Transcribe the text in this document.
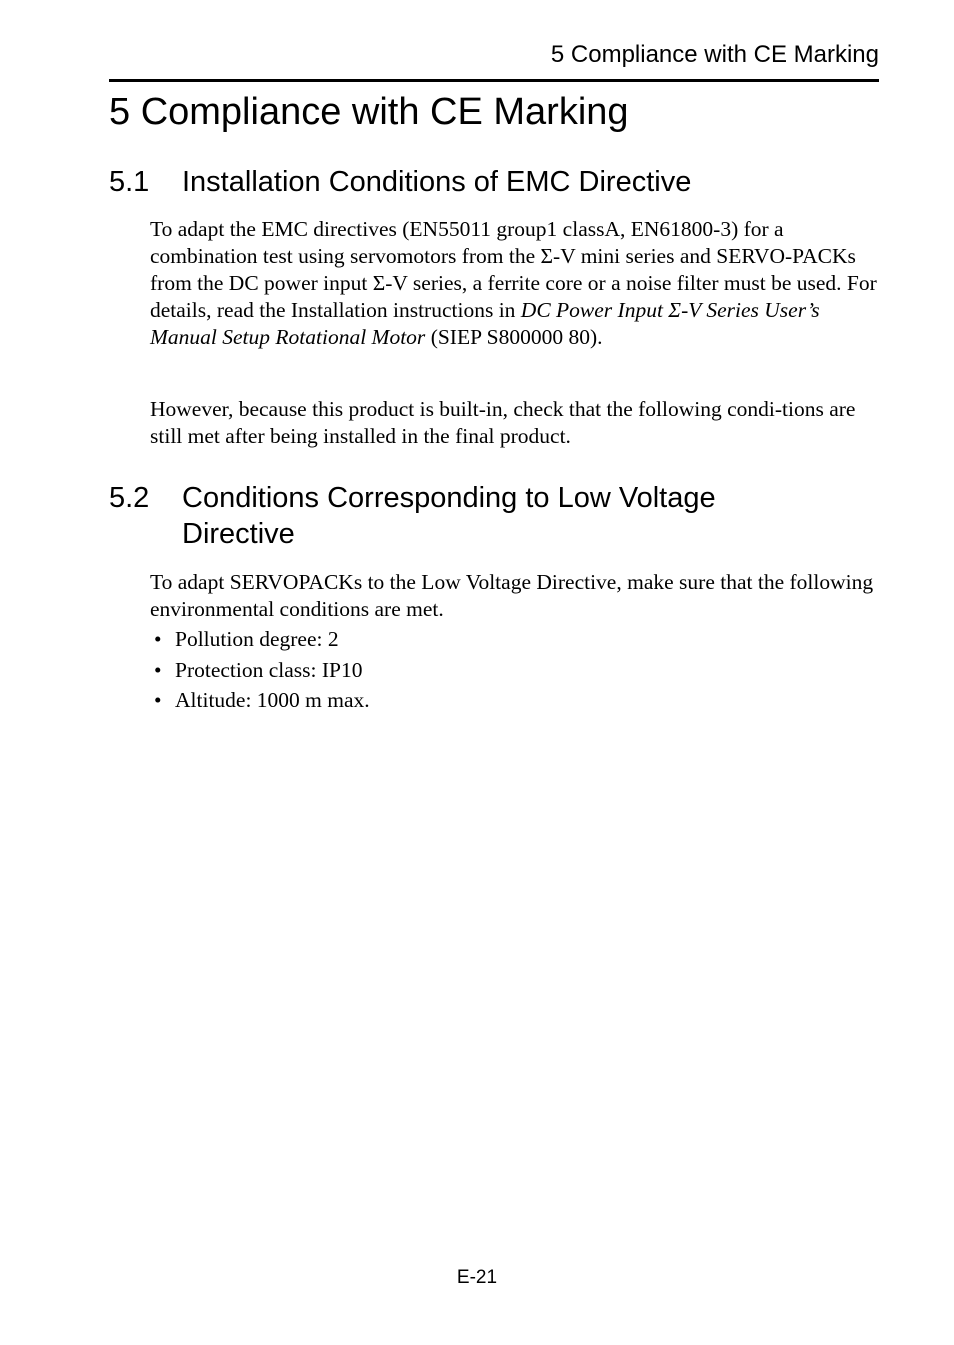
5 Compliance with CE Marking
5 Compliance with CE Marking
5.1 Installation Conditions of EMC Directive

To adapt the EMC directives (EN55011 group1 classA, EN61800-3) for a combination test using servomotors from the Σ-V mini series and SERVO-PACKs from the DC power input Σ-V series, a ferrite core or a noise filter must be used. For details, read the Installation instructions in DC Power Input Σ-V Series User’s Manual Setup Rotational Motor (SIEP S800000 80).

However, because this product is built-in, check that the following condi-tions are still met after being installed in the final product.

5.2 Conditions Corresponding to Low Voltage Directive

To adapt SERVOPACKs to the Low Voltage Directive, make sure that the following environmental conditions are met.

• Pollution degree: 2
• Protection class: IP10
• Altitude: 1000 m max.
E-21
